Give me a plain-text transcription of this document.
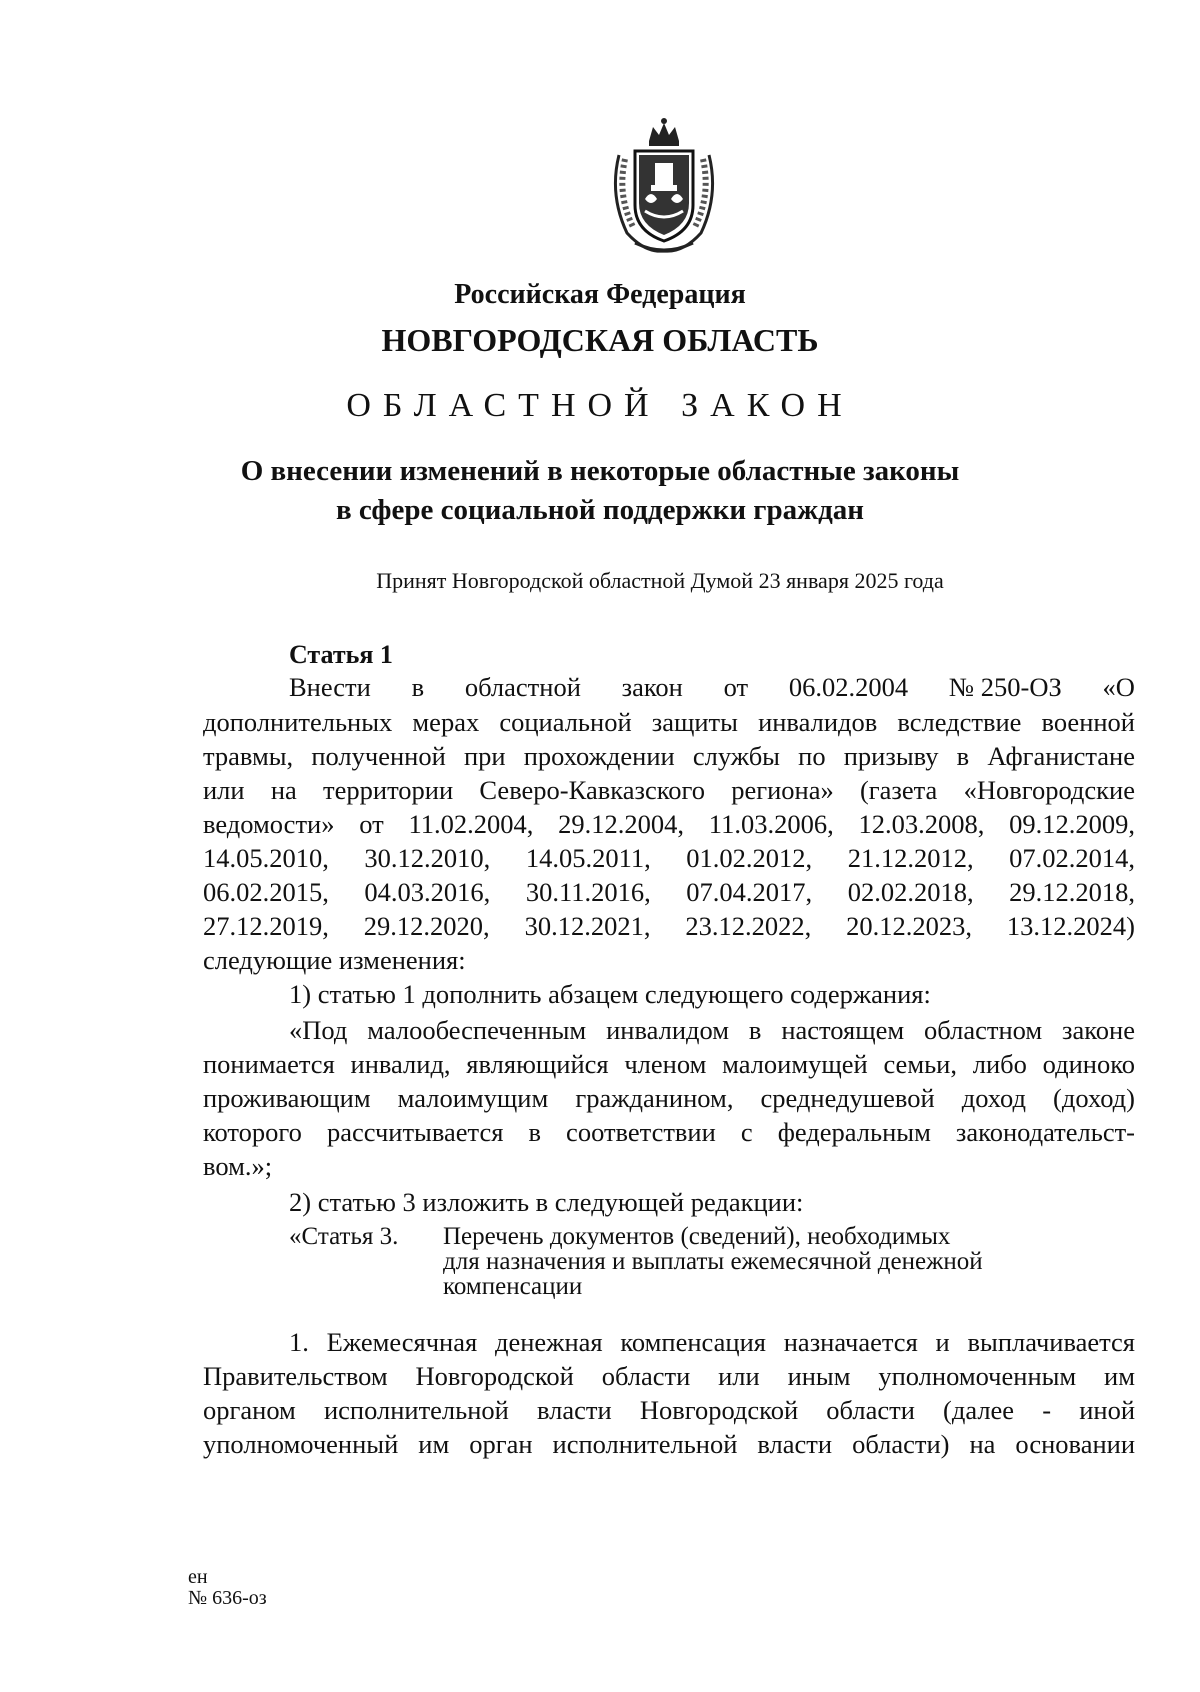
Российская Федерация
НОВГОРОДСКАЯ ОБЛАСТЬ
ОБЛАСТНОЙ ЗАКОН
О внесении изменений в некоторые областные законы
в сфере социальной поддержки граждан
Принят Новгородской областной Думой 23 января 2025 года
Статья 1
Внести в областной закон от 06.02.2004 № 250-ОЗ «О
дополнительных мерах социальной защиты инвалидов вследствие военной
травмы, полученной при прохождении службы по призыву в Афганистане
или на территории Северо-Кавказского региона» (газета «Новгородские
ведомости» от 11.02.2004, 29.12.2004, 11.03.2006, 12.03.2008, 09.12.2009,
14.05.2010, 30.12.2010, 14.05.2011, 01.02.2012, 21.12.2012, 07.02.2014,
06.02.2015, 04.03.2016, 30.11.2016, 07.04.2017, 02.02.2018, 29.12.2018,
27.12.2019, 29.12.2020, 30.12.2021, 23.12.2022, 20.12.2023, 13.12.2024)
следующие изменения:
1) статью 1 дополнить абзацем следующего содержания:
«Под малообеспеченным инвалидом в настоящем областном законе
понимается инвалид, являющийся членом малоимущей семьи, либо одиноко
проживающим малоимущим гражданином, среднедушевой доход (доход)
которого рассчитывается в соответствии с федеральным законодательст-
вом.»;
2) статью 3 изложить в следующей редакции:
«Статья 3. Перечень документов (сведений), необходимых
для назначения и выплаты ежемесячной денежной
компенсации
1. Ежемесячная денежная компенсация назначается и выплачивается
Правительством Новгородской области или иным уполномоченным им
органом исполнительной власти Новгородской области (далее - иной
уполномоченный им орган исполнительной власти области) на основании
ен
№ 636-оз
